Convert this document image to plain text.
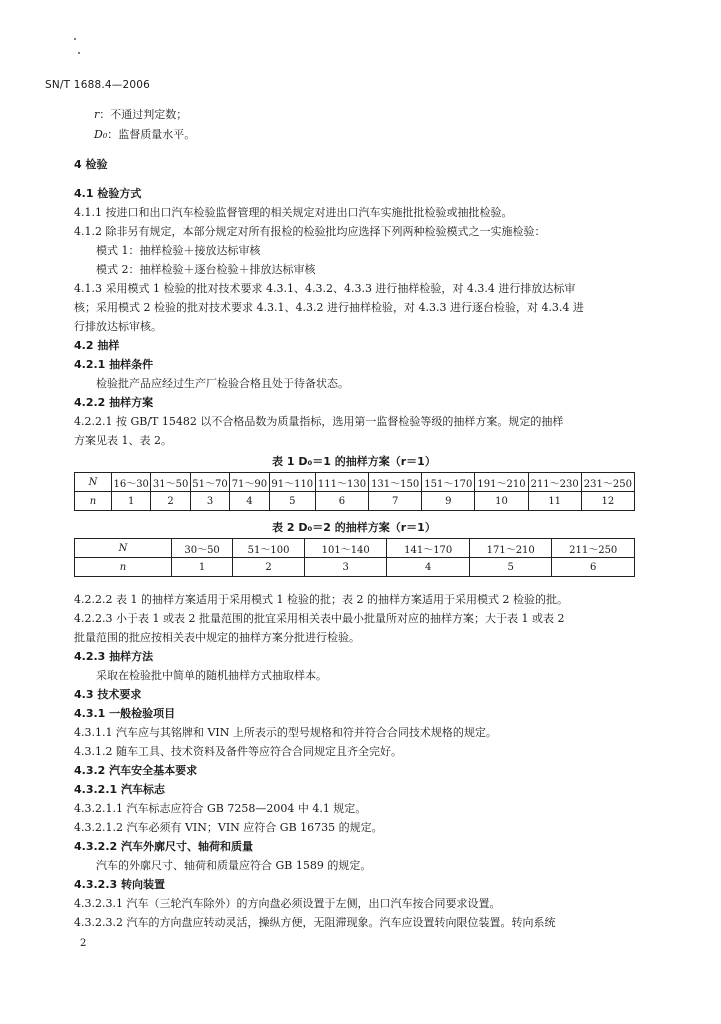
SN/T 1688.4—2006
r：不通过判定数；
D₀：监督质量水平。
4 检验
4.1 检验方式
4.1.1 按进口和出口汽车检验监督管理的相关规定对进出口汽车实施批批检验或抽批检验。
4.1.2 除非另有规定，本部分规定对所有报检的检验批均应选择下列两种检验模式之一实施检验：
模式 1：抽样检验＋接放达标审核
模式 2：抽样检验＋逐台检验＋排放达标审核
4.1.3 采用模式 1 检验的批对技术要求 4.3.1、4.3.2、4.3.3 进行抽样检验，对 4.3.4 进行排放达标审
核；采用模式 2 检验的批对技术要求 4.3.1、4.3.2 进行抽样检验，对 4.3.3 进行逐台检验，对 4.3.4 进
行排放达标审核。
4.2 抽样
4.2.1 抽样条件
检验批产品应经过生产厂检验合格且处于待备状态。
4.2.2 抽样方案
4.2.2.1 按 GB/T 15482 以不合格品数为质量指标，选用第一监督检验等级的抽样方案。规定的抽样
方案见表 1、表 2。
表 1 D₀＝1 的抽样方案（r＝1）
N	16～30	31～50	51～70	71～90	91～110	111～130	131～150	151～170	191～210	211～230	231～250
n	1	2	3	4	5	6	7	9	10	11	12
表 2 D₀＝2 的抽样方案（r＝1）
N	30～50	51～100	101～140	141～170	171～210	211～250
n	1	2	3	4	5	6
4.2.2.2 表 1 的抽样方案适用于采用模式 1 检验的批；表 2 的抽样方案适用于采用模式 2 检验的批。
4.2.2.3 小于表 1 或表 2 批量范围的批宜采用相关表中最小批量所对应的抽样方案；大于表 1 或表 2
批量范围的批应按相关表中规定的抽样方案分批进行检验。
4.2.3 抽样方法
采取在检验批中简单的随机抽样方式抽取样本。
4.3 技术要求
4.3.1 一般检验项目
4.3.1.1 汽车应与其铭牌和 VIN 上所表示的型号规格和符并符合合同技术规格的规定。
4.3.1.2 随车工具、技术资料及备件等应符合合同规定且齐全完好。
4.3.2 汽车安全基本要求
4.3.2.1 汽车标志
4.3.2.1.1 汽车标志应符合 GB 7258—2004 中 4.1 规定。
4.3.2.1.2 汽车必须有 VIN；VIN 应符合 GB 16735 的规定。
4.3.2.2 汽车外廓尺寸、轴荷和质量
汽车的外廓尺寸、轴荷和质量应符合 GB 1589 的规定。
4.3.2.3 转向装置
4.3.2.3.1 汽车（三轮汽车除外）的方向盘必须设置于左侧，出口汽车按合同要求设置。
4.3.2.3.2 汽车的方向盘应转动灵活，操纵方便，无阻滞现象。汽车应设置转向限位装置。转向系统
2
